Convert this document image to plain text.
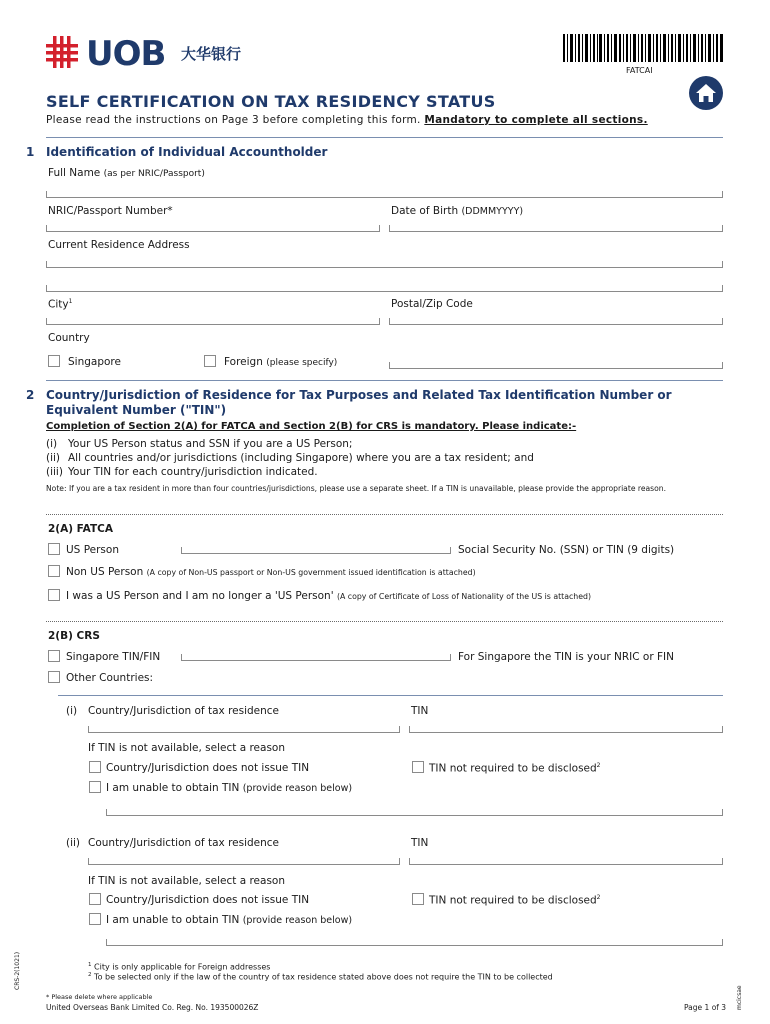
UOB 大华银行
FATCAI
SELF CERTIFICATION ON TAX RESIDENCY STATUS
Please read the instructions on Page 3 before completing this form. Mandatory to complete all sections.
1 Identification of Individual Accountholder
Full Name (as per NRIC/Passport)
NRIC/Passport Number*	Date of Birth (DDMMYYYY)
Current Residence Address
City$^1$	Postal/Zip Code
Country
Singapore	Foreign (please specify)
2 Country/Jurisdiction of Residence for Tax Purposes and Related Tax Identification Number or
Equivalent Number ("TIN")
Completion of Section 2(A) for FATCA and Section 2(B) for CRS is mandatory. Please indicate:-
(i) Your US Person status and SSN if you are a US Person;
(ii) All countries and/or jurisdictions (including Singapore) where you are a tax resident; and
(iii) Your TIN for each country/jurisdiction indicated.
Note: If you are a tax resident in more than four countries/jurisdictions, please use a separate sheet. If a TIN is unavailable, please provide the appropriate reason.
2(A) FATCA
US Person	Social Security No. (SSN) or TIN (9 digits)
Non US Person (A copy of Non-US passport or Non-US government issued identification is attached)
I was a US Person and I am no longer a 'US Person' (A copy of Certificate of Loss of Nationality of the US is attached)
2(B) CRS
Singapore TIN/FIN	For Singapore the TIN is your NRIC or FIN
Other Countries:
(i) Country/Jurisdiction of tax residence	TIN
If TIN is not available, select a reason
Country/Jurisdiction does not issue TIN	TIN not required to be disclosed$^2$
I am unable to obtain TIN (provide reason below)
(ii) Country/Jurisdiction of tax residence	TIN
If TIN is not available, select a reason
Country/Jurisdiction does not issue TIN	TIN not required to be disclosed$^2$
I am unable to obtain TIN (provide reason below)
$^1$ City is only applicable for Foreign addresses
$^2$ To be selected only if the law of the country of tax residence stated above does not require the TIN to be collected
* Please delete where applicable
United Overseas Bank Limited Co. Reg. No. 193500026Z	Page 1 of 3
CRS-2(1021)
mcicsae
